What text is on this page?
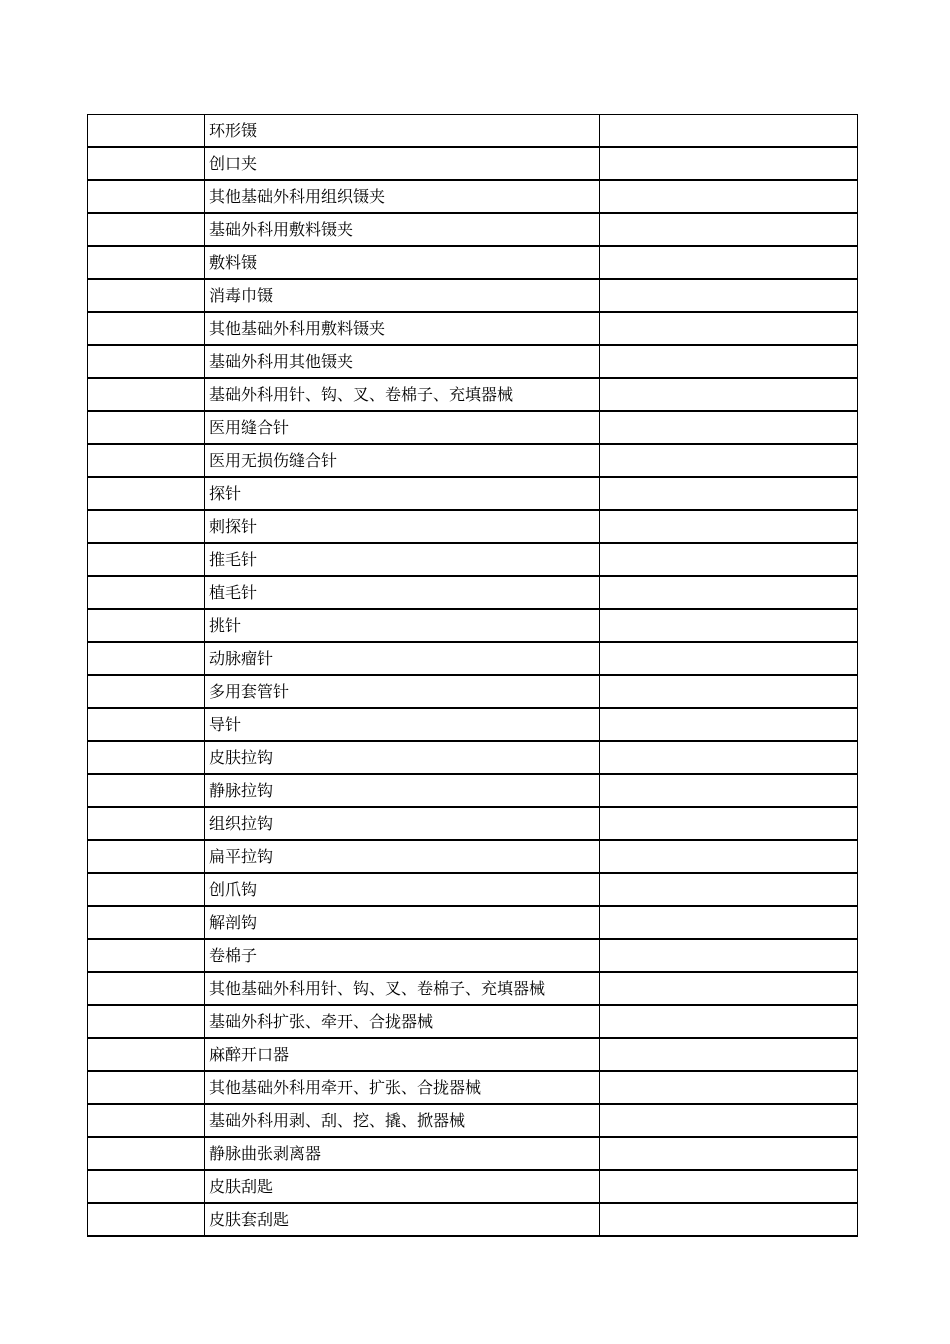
	环形镊	
	创口夹	
	其他基础外科用组织镊夹	
	基础外科用敷料镊夹	
	敷料镊	
	消毒巾镊	
	其他基础外科用敷料镊夹	
	基础外科用其他镊夹	
	基础外科用针、钩、叉、卷棉子、充填器械	
	医用缝合针	
	医用无损伤缝合针	
	探针	
	刺探针	
	推毛针	
	植毛针	
	挑针	
	动脉瘤针	
	多用套管针	
	导针	
	皮肤拉钩	
	静脉拉钩	
	组织拉钩	
	扁平拉钩	
	创爪钩	
	解剖钩	
	卷棉子	
	其他基础外科用针、钩、叉、卷棉子、充填器械	
	基础外科扩张、牵开、合拢器械	
	麻醉开口器	
	其他基础外科用牵开、扩张、合拢器械	
	基础外科用剥、刮、挖、撬、掀器械	
	静脉曲张剥离器	
	皮肤刮匙	
	皮肤套刮匙	
